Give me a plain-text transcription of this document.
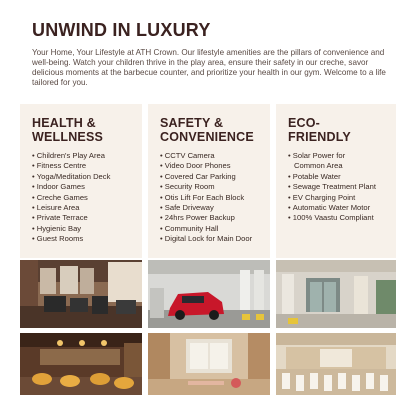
UNWIND IN LUXURY

Your Home, Your Lifestyle at ATH Crown. Our lifestyle amenities are the pillars of convenience and well-being. Watch your children thrive in the play area, ensure their safety in our creche, savor delicious moments at the barbecue counter, and prioritize your health in our gym. Welcome to a life tailored for you.

HEALTH &
WELLNESS
• Children's Play Area
• Fitness Centre
• Yoga/Meditation Deck
• Indoor Games
• Creche Games
• Leisure Area
• Private Terrace
• Hygienic Bay
• Guest Rooms
SAFETY &
CONVENIENCE
• CCTV Camera
• Video Door Phones
• Covered Car Parking
• Security Room
• Otis Lift For Each Block
• Safe Driveway
• 24hrs Power Backup
• Community Hall
• Digital Lock for Main Door
ECO-
FRIENDLY
• Solar Power for
Common Area
• Potable Water
• Sewage Treatment Plant
• EV Charging Point
• Automatic Water Motor
• 100% Vaastu Compliant
